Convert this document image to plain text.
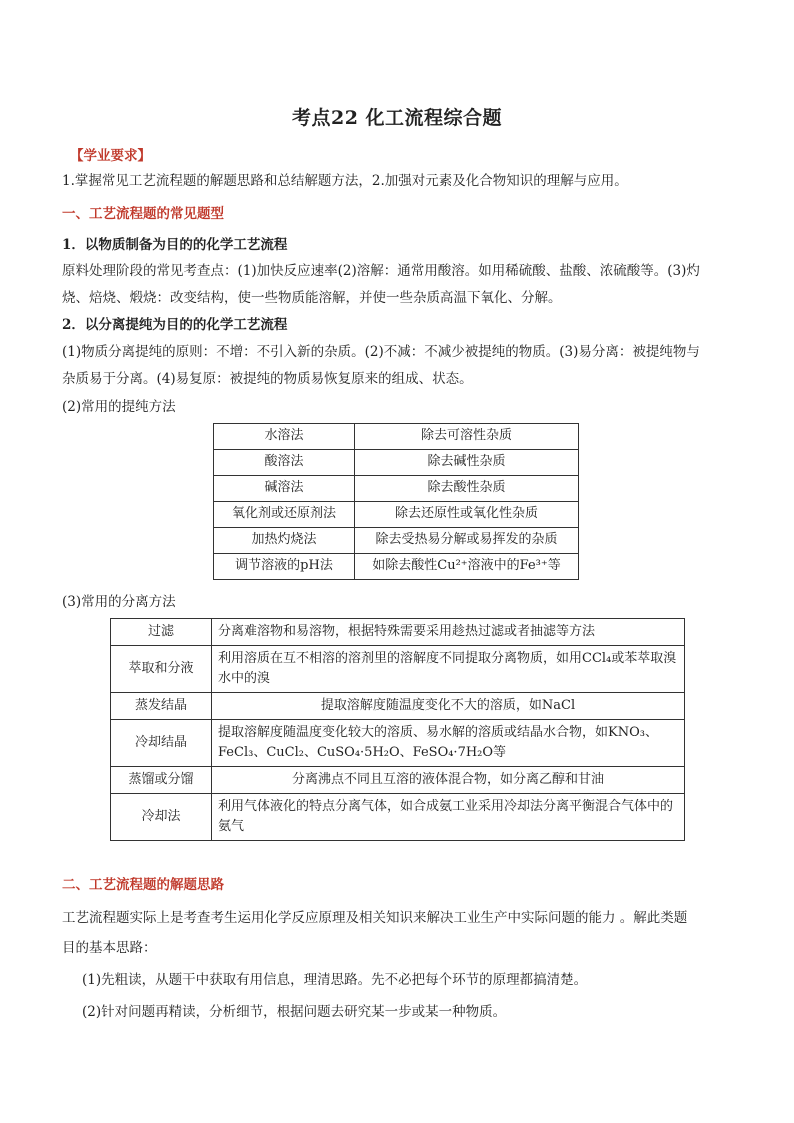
考点22 化工流程综合题
【学业要求】
1.掌握常见工艺流程题的解题思路和总结解题方法，2.加强对元素及化合物知识的理解与应用。
一、工艺流程题的常见题型
1．以物质制备为目的的化学工艺流程
原料处理阶段的常见考查点：(1)加快反应速率(2)溶解：通常用酸溶。如用稀硫酸、盐酸、浓硫酸等。(3)灼
烧、焙烧、煅烧：改变结构，使一些物质能溶解，并使一些杂质高温下氧化、分解。
2．以分离提纯为目的的化学工艺流程
(1)物质分离提纯的原则：不增：不引入新的杂质。(2)不减：不减少被提纯的物质。(3)易分离：被提纯物与
杂质易于分离。(4)易复原：被提纯的物质易恢复原来的组成、状态。
(2)常用的提纯方法
水溶法	除去可溶性杂质
酸溶法	除去碱性杂质
碱溶法	除去酸性杂质
氧化剂或还原剂法	除去还原性或氧化性杂质
加热灼烧法	除去受热易分解或易挥发的杂质
调节溶液的pH法	如除去酸性Cu²⁺溶液中的Fe³⁺等
(3)常用的分离方法
过滤	分离难溶物和易溶物，根据特殊需要采用趁热过滤或者抽滤等方法
萃取和分液	利用溶质在互不相溶的溶剂里的溶解度不同提取分离物质，如用CCl₄或苯萃取溴水中的溴
蒸发结晶	提取溶解度随温度变化不大的溶质，如NaCl
冷却结晶	提取溶解度随温度变化较大的溶质、易水解的溶质或结晶水合物，如KNO₃、FeCl₃、CuCl₂、CuSO₄·5H₂O、FeSO₄·7H₂O等
蒸馏或分馏	分离沸点不同且互溶的液体混合物，如分离乙醇和甘油
冷却法	利用气体液化的特点分离气体，如合成氨工业采用冷却法分离平衡混合气体中的氨气
二、工艺流程题的解题思路
工艺流程题实际上是考查考生运用化学反应原理及相关知识来解决工业生产中实际问题的能力 。解此类题
目的基本思路：
(1)先粗读，从题干中获取有用信息，理清思路。先不必把每个环节的原理都搞清楚。
(2)针对问题再精读，分析细节，根据问题去研究某一步或某一种物质。
